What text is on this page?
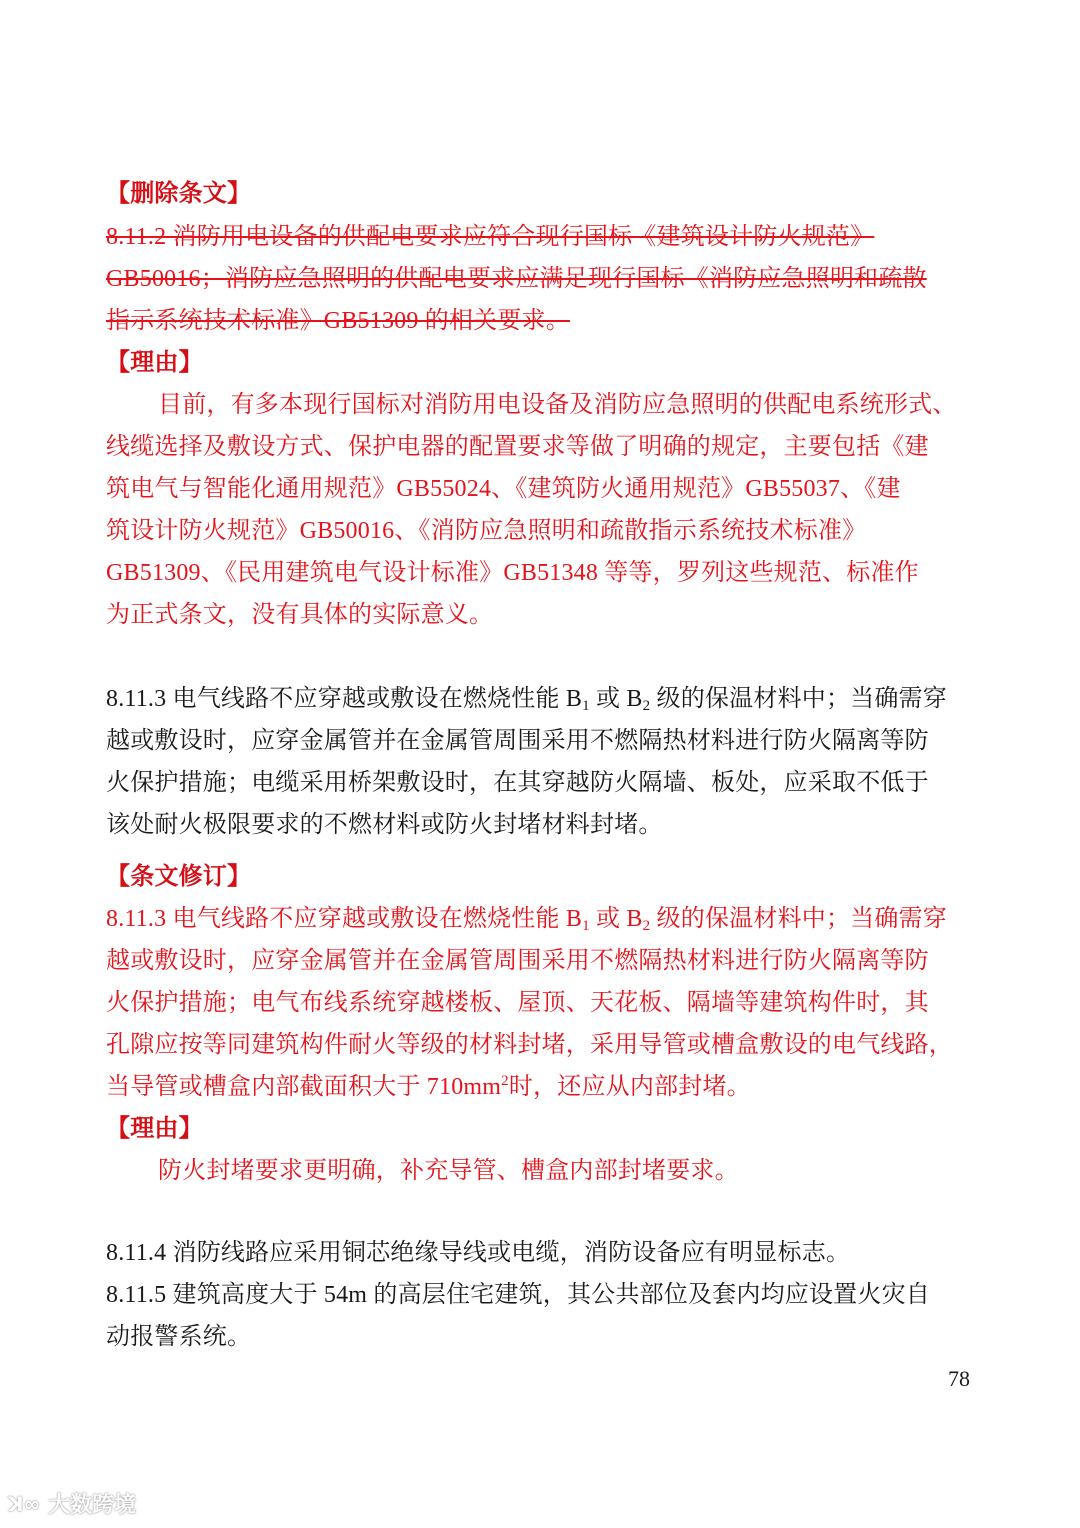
【删除条文】
8.11.2 消防用电设备的供配电要求应符合现行国标《建筑设计防火规范》
GB50016；消防应急照明的供配电要求应满足现行国标《消防应急照明和疏散
指示系统技术标准》GB51309 的相关要求。
【理由】
目前，有多本现行国标对消防用电设备及消防应急照明的供配电系统形式、
线缆选择及敷设方式、保护电器的配置要求等做了明确的规定，主要包括《建
筑电气与智能化通用规范》GB55024、《建筑防火通用规范》GB55037、《建
筑设计防火规范》GB50016、《消防应急照明和疏散指示系统技术标准》
GB51309、《民用建筑电气设计标准》GB51348 等等，罗列这些规范、标准作
为正式条文，没有具体的实际意义。
8.11.3 电气线路不应穿越或敷设在燃烧性能 $B_1$ 或 $B_2$ 级的保温材料中；当确需穿
越或敷设时，应穿金属管并在金属管周围采用不燃隔热材料进行防火隔离等防
火保护措施；电缆采用桥架敷设时，在其穿越防火隔墙、板处，应采取不低于
该处耐火极限要求的不燃材料或防火封堵材料封堵。
【条文修订】
8.11.3 电气线路不应穿越或敷设在燃烧性能 $B_1$ 或 $B_2$ 级的保温材料中；当确需穿
越或敷设时，应穿金属管并在金属管周围采用不燃隔热材料进行防火隔离等防
火保护措施；电气布线系统穿越楼板、屋顶、天花板、隔墙等建筑构件时，其
孔隙应按等同建筑构件耐火等级的材料封堵，采用导管或槽盒敷设的电气线路，
当导管或槽盒内部截面积大于 $710mm^2$时，还应从内部封堵。
【理由】
防火封堵要求更明确，补充导管、槽盒内部封堵要求。
8.11.4 消防线路应采用铜芯绝缘导线或电缆，消防设备应有明显标志。
8.11.5 建筑高度大于 54m 的高层住宅建筑，其公共部位及套内均应设置火灾自
动报警系统。
78
ꓘ∞ 大数跨境
